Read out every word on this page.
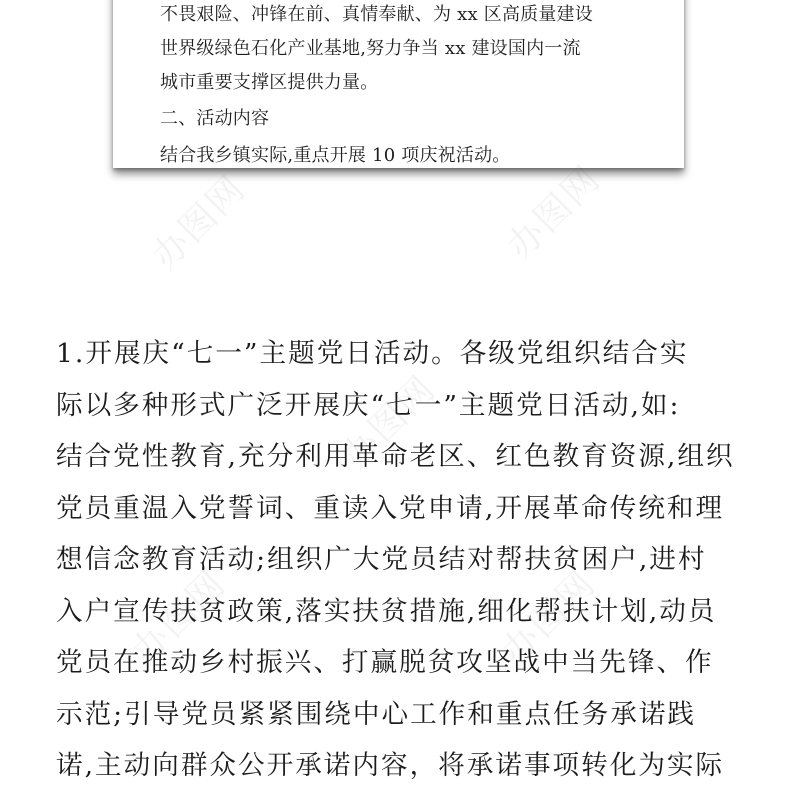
不畏艰险、冲锋在前、真情奉献、为 xx 区高质量建设
世界级绿色石化产业基地,努力争当 xx 建设国内一流
城市重要支撑区提供力量。
二、活动内容
结合我乡镇实际,重点开展 10 项庆祝活动。
办图网	办图网
办图网
办图网	办图网
1.开展庆“七一”主题党日活动。各级党组织结合实
际以多种形式广泛开展庆“七一”主题党日活动,如:
结合党性教育,充分利用革命老区、红色教育资源,组织
党员重温入党誓词、重读入党申请,开展革命传统和理
想信念教育活动;组织广大党员结对帮扶贫困户,进村
入户宣传扶贫政策,落实扶贫措施,细化帮扶计划,动员
党员在推动乡村振兴、打赢脱贫攻坚战中当先锋、作
示范;引导党员紧紧围绕中心工作和重点任务承诺践
诺,主动向群众公开承诺内容，将承诺事项转化为实际
